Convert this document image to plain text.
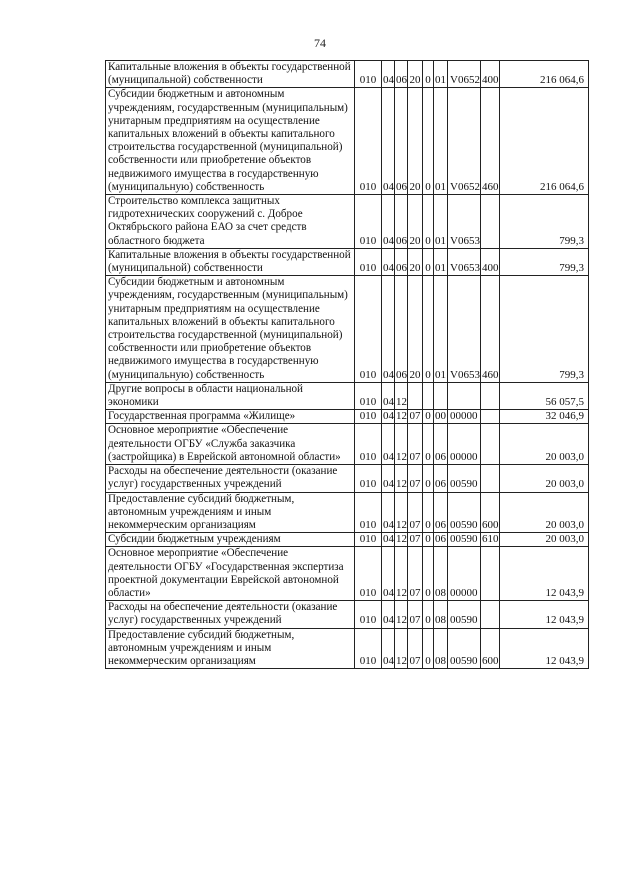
74
Капитальные вложения в объекты государственной (муниципальной) собственности	010	04	06	20	0	01	V0652	400	216 064,6
Субсидии бюджетным и автономным учреждениям, государственным (муниципальным) унитарным предприятиям на осуществление капитальных вложений в объекты капитального строительства государственной (муниципальной) собственности или приобретение объектов недвижимого имущества в государственную (муниципальную) собственность	010	04	06	20	0	01	V0652	460	216 064,6
Строительство комплекса защитных гидротехнических сооружений с. Доброе Октябрьского района ЕАО за счет средств областного бюджета	010	04	06	20	0	01	V0653		799,3
Капитальные вложения в объекты государственной (муниципальной) собственности	010	04	06	20	0	01	V0653	400	799,3
Субсидии бюджетным и автономным учреждениям, государственным (муниципальным) унитарным предприятиям на осуществление капитальных вложений в объекты капитального строительства государственной (муниципальной) собственности или приобретение объектов недвижимого имущества в государственную (муниципальную) собственность	010	04	06	20	0	01	V0653	460	799,3
Другие вопросы в области национальной экономики	010	04	12						56 057,5
Государственная программа «Жилище»	010	04	12	07	0	00	00000		32 046,9
Основное мероприятие «Обеспечение деятельности ОГБУ «Служба заказчика (застройщика) в Еврейской автономной области»	010	04	12	07	0	06	00000		20 003,0
Расходы на обеспечение деятельности (оказание услуг) государственных учреждений	010	04	12	07	0	06	00590		20 003,0
Предоставление субсидий бюджетным, автономным учреждениям и иным некоммерческим организациям	010	04	12	07	0	06	00590	600	20 003,0
Субсидии бюджетным учреждениям	010	04	12	07	0	06	00590	610	20 003,0
Основное мероприятие «Обеспечение деятельности ОГБУ «Государственная экспертиза проектной документации Еврейской автономной области»	010	04	12	07	0	08	00000		12 043,9
Расходы на обеспечение деятельности (оказание услуг) государственных учреждений	010	04	12	07	0	08	00590		12 043,9
Предоставление субсидий бюджетным, автономным учреждениям и иным некоммерческим организациям	010	04	12	07	0	08	00590	600	12 043,9
